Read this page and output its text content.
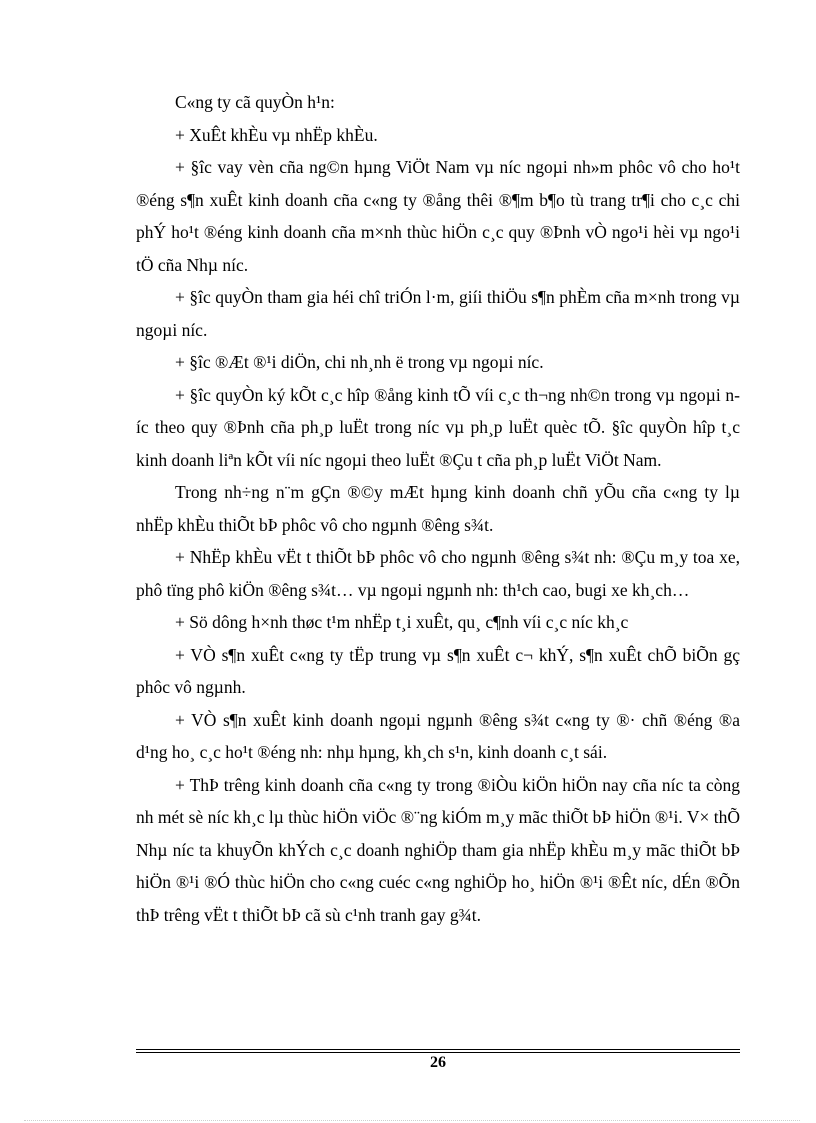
C«ng ty cã quyÒn h¹n:

+ XuÊt khÈu vµ nhËp khÈu.

+ §îc vay vèn cña ng©n hµng ViÖt Nam vµ níc ngoµi nh»m phôc vô cho ho¹t ®éng s¶n xuÊt kinh doanh cña c«ng ty ®ång thêi ®¶m b¶o tù trang tr¶i cho c¸c chi phÝ ho¹t ®éng kinh doanh cña m×nh thùc hiÖn c¸c quy ®Þnh vÒ ngo¹i hèi vµ ngo¹i tÖ cña Nhµ níc.

+ §îc quyÒn tham gia héi chî triÓn l·m, giíi thiÖu s¶n phÈm cña m×nh trong vµ ngoµi níc.

+ §îc ®Æt ®¹i diÖn, chi nh¸nh ë trong vµ ngoµi níc.

+ §îc quyÒn ký kÕt c¸c hîp ®ång kinh tÕ víi c¸c th¬ng nh©n trong vµ ngoµi níc theo quy ®Þnh cña ph¸p luËt trong níc vµ ph¸p luËt quèc tÕ. §îc quyÒn hîp t¸c kinh doanh liªn kÕt víi níc ngoµi theo luËt ®Çu t cña ph¸p luËt ViÖt Nam.

Trong nh÷ng n¨m gÇn ®©y mÆt hµng kinh doanh chñ yÕu cña c«ng ty lµ nhËp khÈu thiÕt bÞ phôc vô cho ngµnh ®êng s¾t.

+ NhËp khÈu vËt t thiÕt bÞ phôc vô cho ngµnh ®êng s¾t nh: ®Çu m¸y toa xe, phô tïng phô kiÖn ®êng s¾t… vµ ngoµi ngµnh nh: th¹ch cao, bugi xe kh¸ch…

+ Sö dông h×nh thøc t¹m nhËp t¸i xuÊt, qu¸ c¶nh víi c¸c níc kh¸c

+ VÒ s¶n xuÊt c«ng ty tËp trung vµ s¶n xuÊt c¬ khÝ, s¶n xuÊt chÕ biÕn gç phôc vô ngµnh.

+ VÒ s¶n xuÊt kinh doanh ngoµi ngµnh ®êng s¾t c«ng ty ®· chñ ®éng ®a d¹ng ho¸ c¸c ho¹t ®éng nh: nhµ hµng, kh¸ch s¹n, kinh doanh c¸t sái.

+ ThÞ trêng kinh doanh cña c«ng ty trong ®iÒu kiÖn hiÖn nay cña níc ta còng nh mét sè níc kh¸c lµ thùc hiÖn viÖc ®¨ng kiÓm m¸y mãc thiÕt bÞ hiÖn ®¹i. V× thÕ Nhµ níc ta khuyÕn khÝch c¸c doanh nghiÖp tham gia nhËp khÈu m¸y mãc thiÕt bÞ hiÖn ®¹i ®Ó thùc hiÖn cho c«ng cuéc c«ng nghiÖp ho¸ hiÖn ®¹i ®Êt níc, dÉn ®Õn thÞ trêng vËt t thiÕt bÞ cã sù c¹nh tranh gay g¾t.

26
